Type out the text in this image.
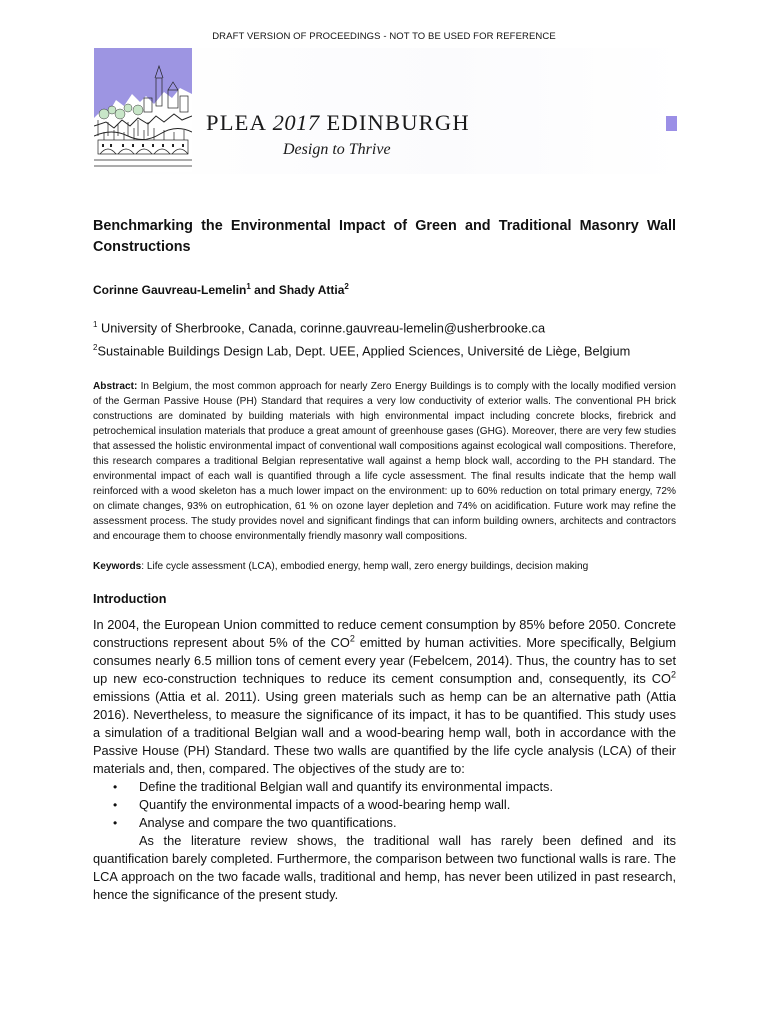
DRAFT VERSION OF PROCEEDINGS - NOT TO BE USED FOR REFERENCE
PLEA 2017 EDINBURGH
Design to Thrive
Benchmarking the Environmental Impact of Green and Traditional Masonry Wall Constructions

Corinne Gauvreau-Lemelin$^1$ and Shady Attia$^2$

$^1$ University of Sherbrooke, Canada, corinne.gauvreau-lemelin@usherbrooke.ca

$^2$Sustainable Buildings Design Lab, Dept. UEE, Applied Sciences, Université de Liège, Belgium

Abstract: In Belgium, the most common approach for nearly Zero Energy Buildings is to comply with the locally modified version of the German Passive House (PH) Standard that requires a very low conductivity of exterior walls. The conventional PH brick constructions are dominated by building materials with high environmental impact including concrete blocks, firebrick and petrochemical insulation materials that produce a great amount of greenhouse gases (GHG). Moreover, there are very few studies that assessed the holistic environmental impact of conventional wall compositions against ecological wall compositions. Therefore, this research compares a traditional Belgian representative wall against a hemp block wall, according to the PH standard. The environmental impact of each wall is quantified through a life cycle assessment. The final results indicate that the hemp wall reinforced with a wood skeleton has a much lower impact on the environment: up to 60% reduction on total primary energy, 72% on climate changes, 93% on eutrophication, 61 % on ozone layer depletion and 74% on acidification. Future work may refine the assessment process. The study provides novel and significant findings that can inform building owners, architects and contractors and encourage them to choose environmentally friendly masonry wall compositions.

Keywords: Life cycle assessment (LCA), embodied energy, hemp wall, zero energy buildings, decision making

Introduction

In 2004, the European Union committed to reduce cement consumption by 85% before 2050. Concrete constructions represent about 5% of the $CO^2$ emitted by human activities. More specifically, Belgium consumes nearly 6.5 million tons of cement every year (Febelcem, 2014). Thus, the country has to set up new eco-construction techniques to reduce its cement consumption and, consequently, its $CO^2$ emissions (Attia et al. 2011). Using green materials such as hemp can be an alternative path (Attia 2016). Nevertheless, to measure the significance of its impact, it has to be quantified. This study uses a simulation of a traditional Belgian wall and a wood-bearing hemp wall, both in accordance with the Passive House (PH) Standard. These two walls are quantified by the life cycle analysis (LCA) of their materials and, then, compared. The objectives of the study are to:

• Define the traditional Belgian wall and quantify its environmental impacts.
• Quantify the environmental impacts of a wood-bearing hemp wall.
• Analyse and compare the two quantifications.

As the literature review shows, the traditional wall has rarely been defined and its quantification barely completed. Furthermore, the comparison between two functional walls is rare. The LCA approach on the two facade walls, traditional and hemp, has never been utilized in past research, hence the significance of the present study.
